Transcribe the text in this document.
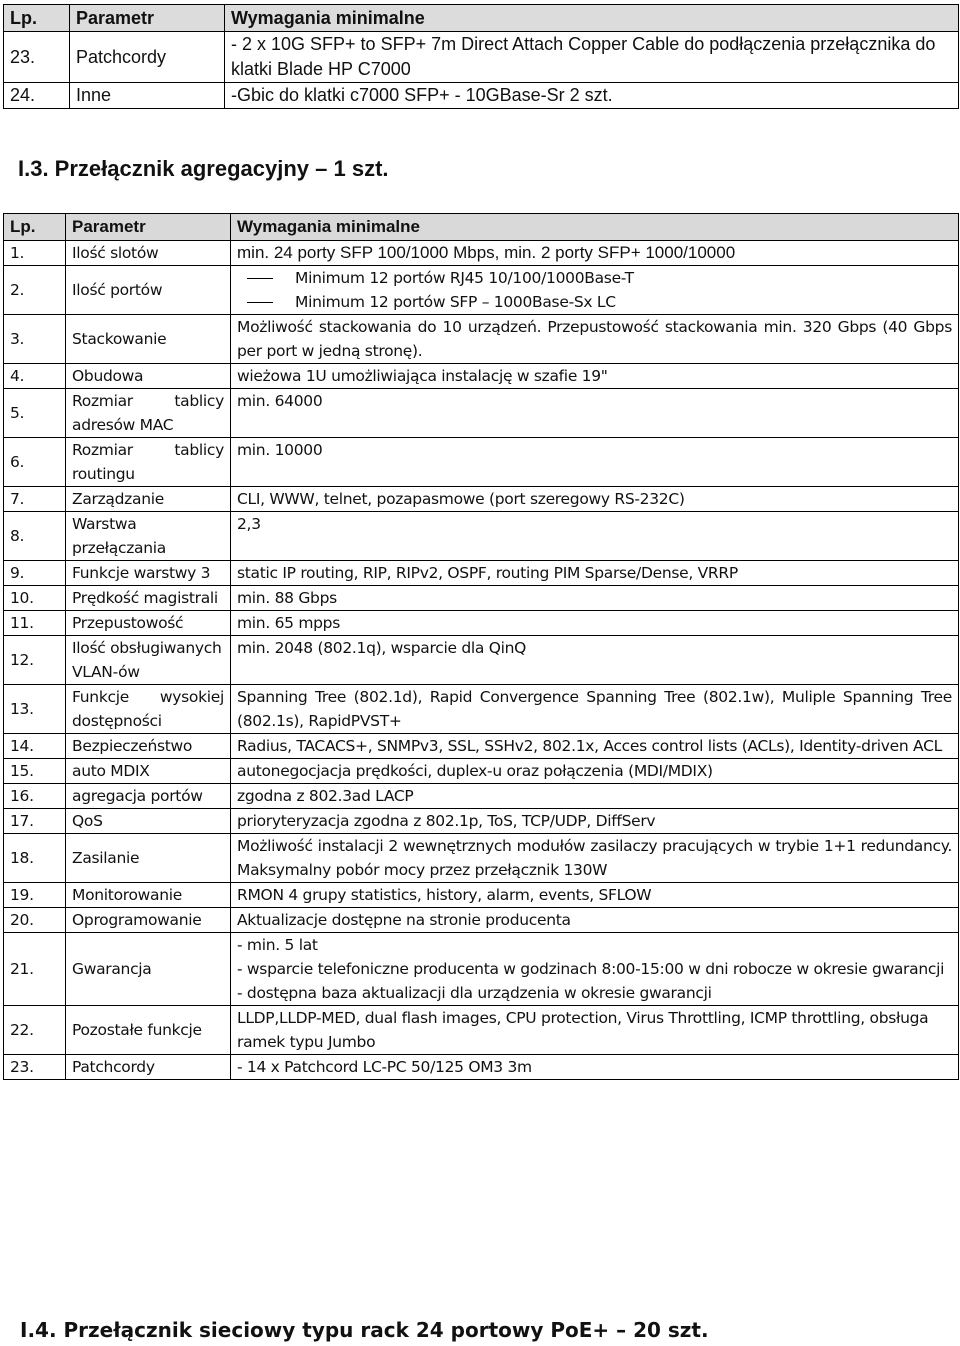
Lp.	Parametr	Wymagania minimalne
23.	Patchcordy	- 2 x 10G SFP+ to SFP+ 7m Direct Attach Copper Cable do podłączenia przełącznika do klatki Blade HP C7000
24.	Inne	-Gbic do klatki c7000 SFP+ - 10GBase-Sr 2 szt.
I.3. Przełącznik agregacyjny – 1 szt.
Lp.	Parametr	Wymagania minimalne
1.	Ilość slotów	min. 24 porty SFP 100/1000 Mbps, min. 2 porty SFP+ 1000/10000
2.	Ilość portów	Minimum 12 portów RJ45 10/100/1000Base-T
Minimum 12 portów SFP – 1000Base-Sx LC

3.	Stackowanie	Możliwość stackowania do 10 urządzeń. Przepustowość stackowania min. 320 Gbps (40 Gbps per port w jedną stronę).
4.	Obudowa	wieżowa 1U umożliwiająca instalację w szafie 19"
5.	Rozmiar tablicy adresów MAC	min. 64000
6.	Rozmiar tablicy routingu	min. 10000
7.	Zarządzanie	CLI, WWW, telnet, pozapasmowe (port szeregowy RS-232C)
8.	Warstwa przełączania	2,3
9.	Funkcje warstwy 3	static IP routing, RIP, RIPv2, OSPF, routing PIM Sparse/Dense, VRRP
10.	Prędkość magistrali	min. 88 Gbps
11.	Przepustowość	min. 65 mpps
12.	Ilość obsługiwanych VLAN-ów	min. 2048 (802.1q), wsparcie dla QinQ
13.	Funkcje wysokiej dostępności	Spanning Tree (802.1d), Rapid Convergence Spanning Tree (802.1w), Muliple Spanning Tree (802.1s), RapidPVST+
14.	Bezpieczeństwo	Radius, TACACS+, SNMPv3, SSL, SSHv2, 802.1x, Acces control lists (ACLs), Identity-driven ACL
15.	auto MDIX	autonegocjacja prędkości, duplex-u oraz połączenia (MDI/MDIX)
16.	agregacja portów	zgodna z 802.3ad LACP
17.	QoS	prioryteryzacja zgodna z 802.1p, ToS, TCP/UDP, DiffServ
18.	Zasilanie	Możliwość instalacji 2 wewnętrznych modułów zasilaczy pracujących w trybie 1+1 redundancy. Maksymalny pobór mocy przez przełącznik 130W
19.	Monitorowanie	RMON 4 grupy statistics, history, alarm, events, SFLOW
20.	Oprogramowanie	Aktualizacje dostępne na stronie producenta
21.	Gwarancja	- min. 5 lat
- wsparcie telefoniczne producenta w godzinach 8:00-15:00 w dni robocze w okresie gwarancji
- dostępna baza aktualizacji dla urządzenia w okresie gwarancji

22.	Pozostałe funkcje	LLDP,LLDP-MED, dual flash images, CPU protection, Virus Throttling, ICMP throttling, obsługa ramek typu Jumbo
23.	Patchcordy	- 14 x Patchcord LC-PC 50/125 OM3 3m
I.4. Przełącznik sieciowy typu rack 24 portowy PoE+ – 20 szt.
